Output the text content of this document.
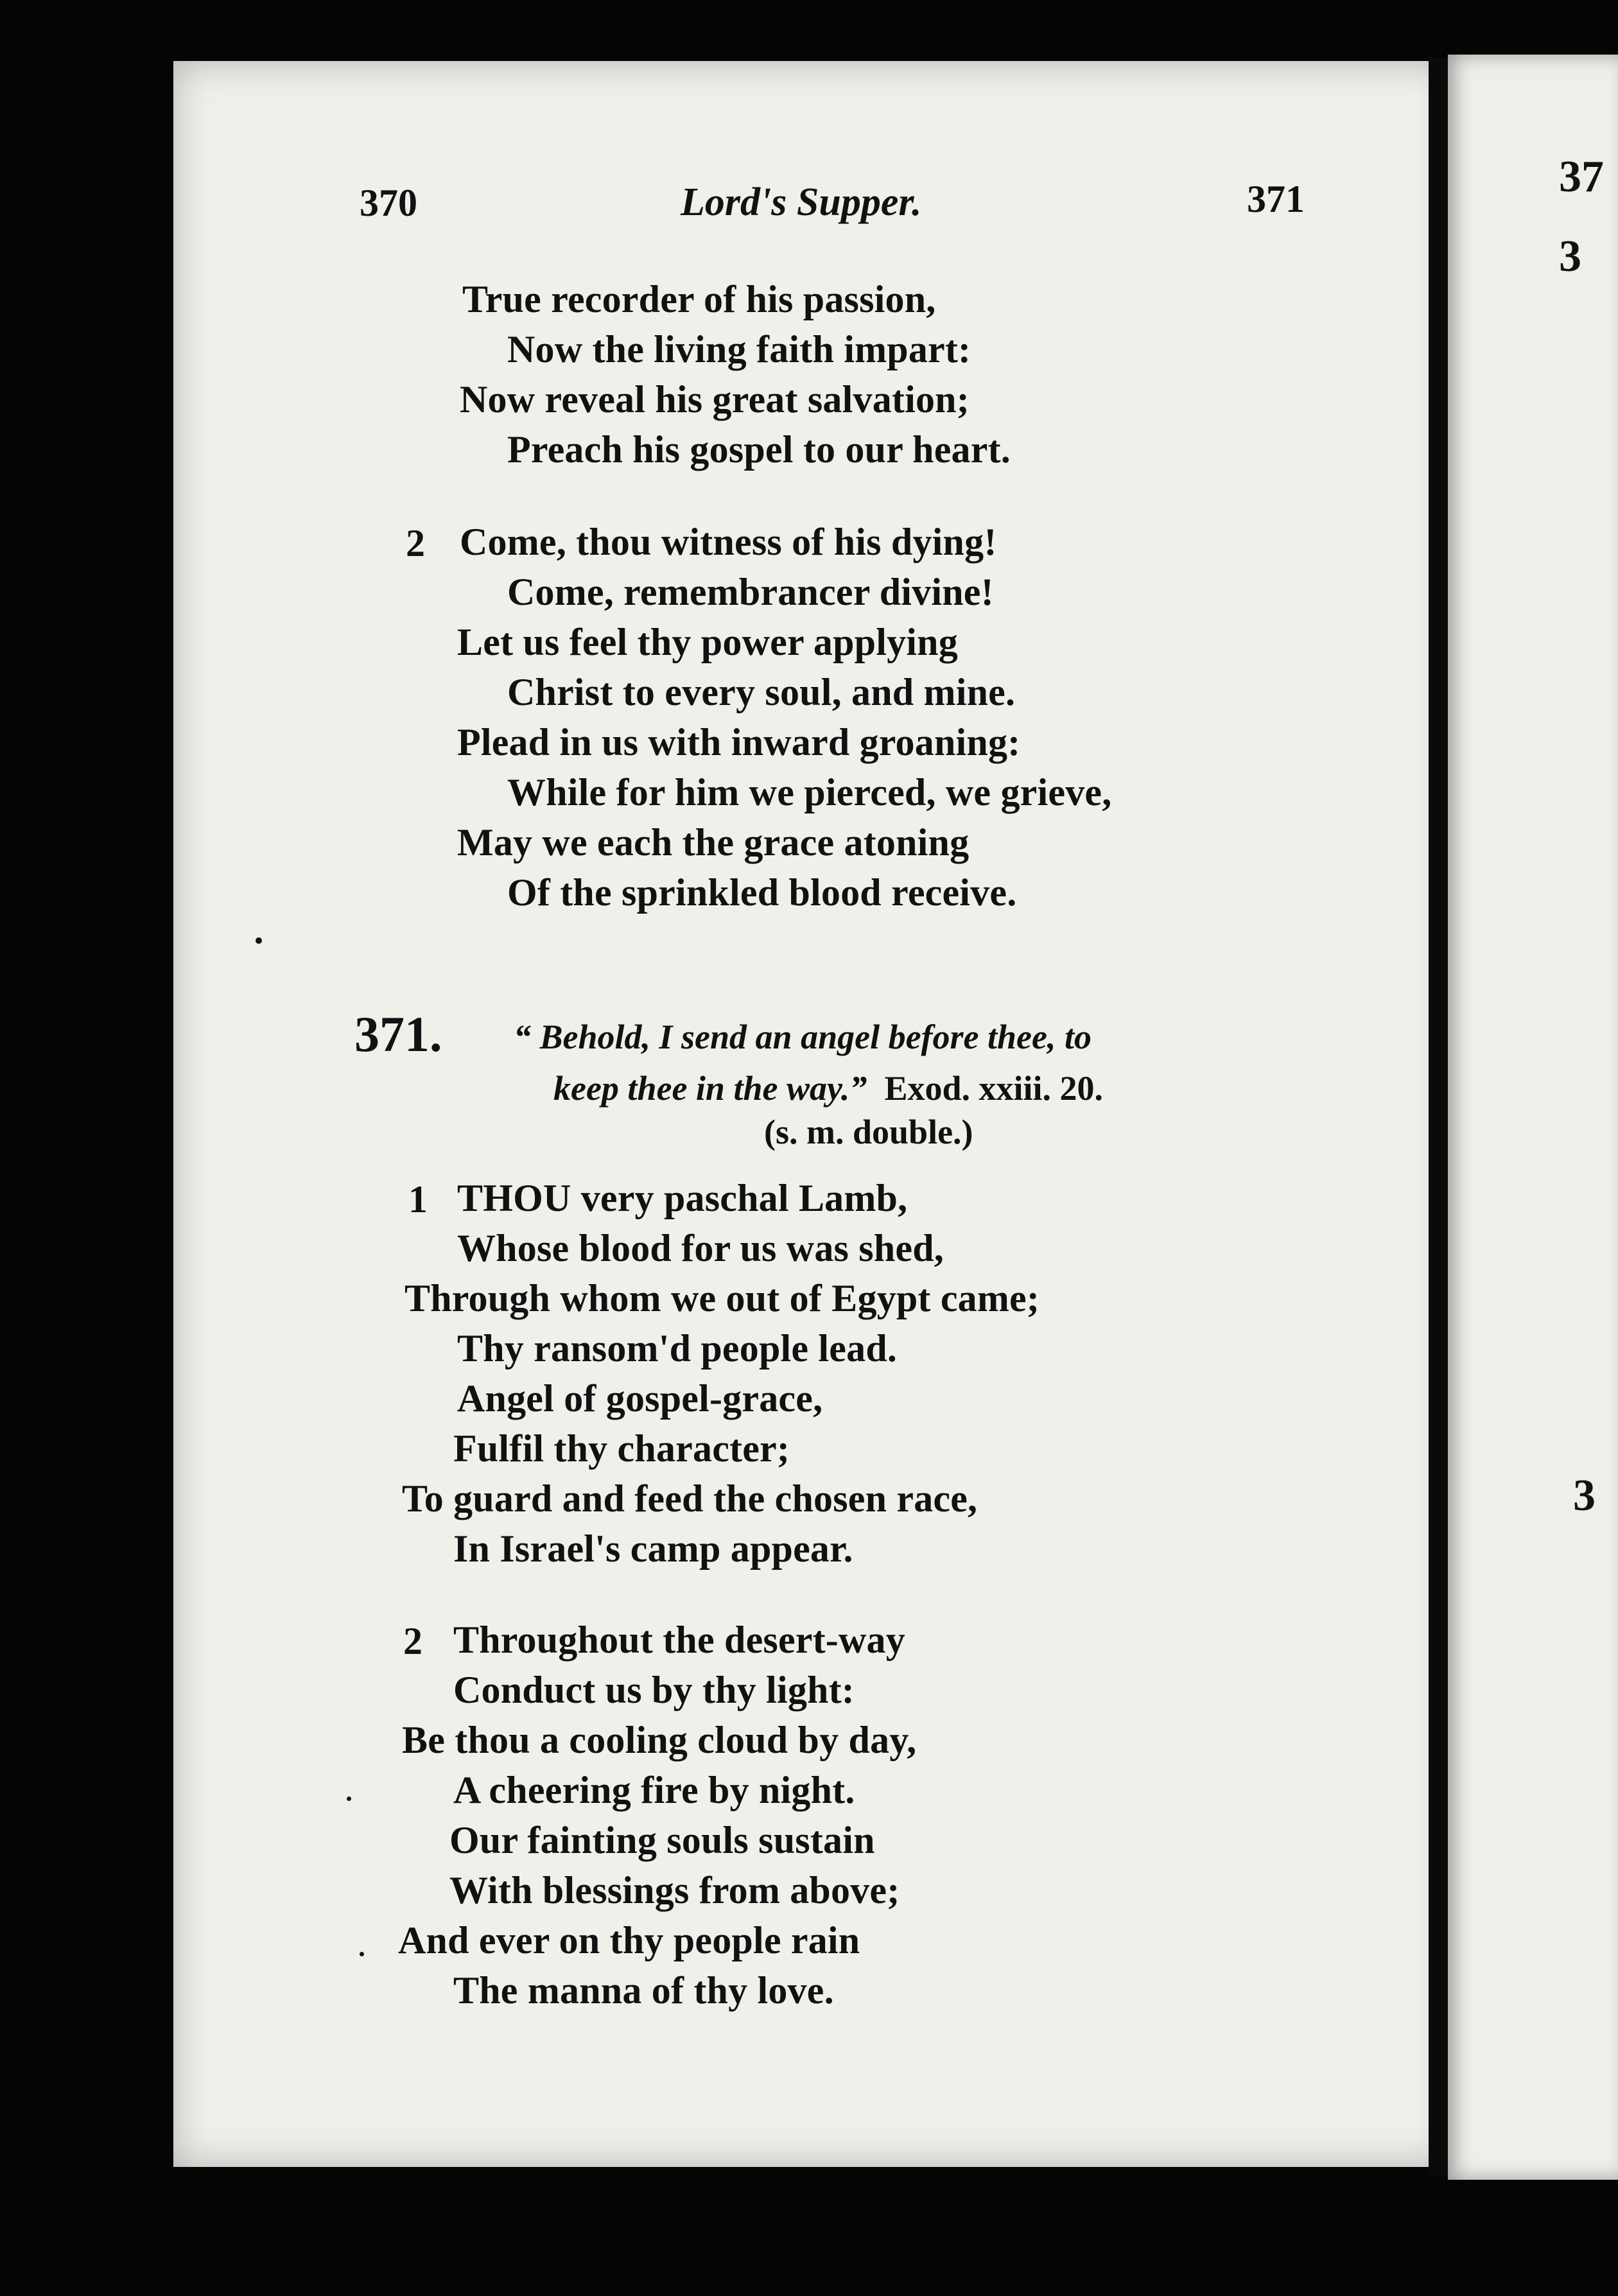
370	Lord's Supper.	371
True recorder of his passion,
Now the living faith impart:
Now reveal his great salvation;
Preach his gospel to our heart.
2 Come, thou witness of his dying!
Come, remembrancer divine!
Let us feel thy power applying
Christ to every soul, and mine.
Plead in us with inward groaning:
While for him we pierced, we grieve,
May we each the grace atoning
Of the sprinkled blood receive.
371. “ Behold, I send an angel before thee, to
keep thee in the way.” Exod. xxiii. 20.
(s. m. double.)
1 THOU very paschal Lamb,
Whose blood for us was shed,
Through whom we out of Egypt came;
Thy ransom'd people lead.
Angel of gospel-grace,
Fulfil thy character;
To guard and feed the chosen race,
In Israel's camp appear.
2 Throughout the desert-way
Conduct us by thy light:
Be thou a cooling cloud by day,
A cheering fire by night.
Our fainting souls sustain
With blessings from above;
And ever on thy people rain
The manna of thy love.
37
3
3
